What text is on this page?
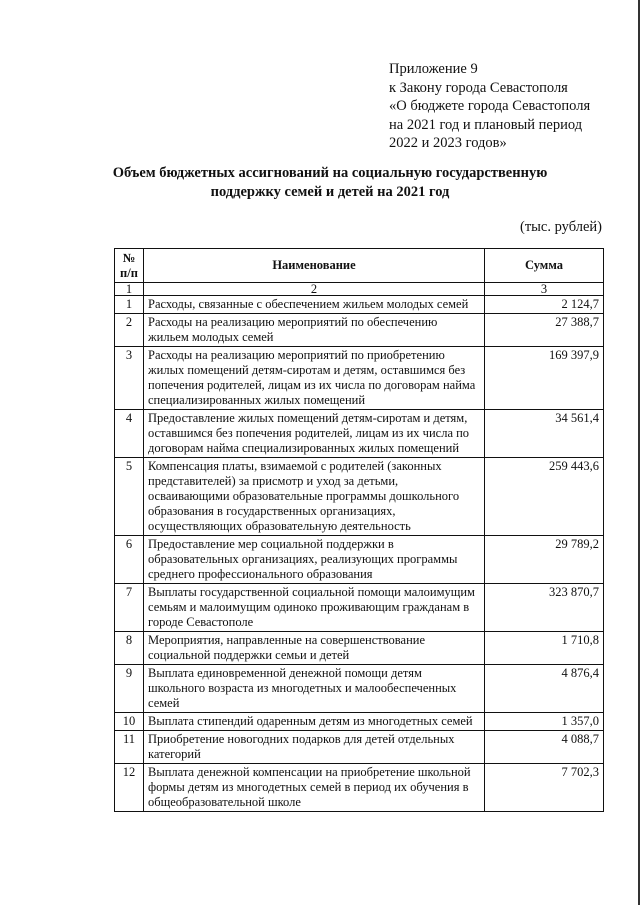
Приложение 9
к Закону города Севастополя
«О бюджете города Севастополя
на 2021 год и плановый период
2022 и 2023 годов»
Объем бюджетных ассигнований на социальную государственную
поддержку семей и детей на 2021 год
(тыс. рублей)
№ п/п	Наименование	Сумма
1	2	3
1	Расходы, связанные с обеспечением жильем молодых семей	2 124,7
2	Расходы на реализацию мероприятий по обеспечению жильем молодых семей	27 388,7
3	Расходы на реализацию мероприятий по приобретению жилых помещений детям-сиротам и детям, оставшимся без попечения родителей, лицам из их числа по договорам найма специализированных жилых помещений	169 397,9
4	Предоставление жилых помещений детям-сиротам и детям, оставшимся без попечения родителей, лицам из их числа по договорам найма специализированных жилых помещений	34 561,4
5	Компенсация платы, взимаемой с родителей (законных представителей) за присмотр и уход за детьми, осваивающими образовательные программы дошкольного образования в государственных организациях, осуществляющих образовательную деятельность	259 443,6
6	Предоставление мер социальной поддержки в образовательных организациях, реализующих программы среднего профессионального образования	29 789,2
7	Выплаты государственной социальной помощи малоимущим семьям и малоимущим одиноко проживающим гражданам в городе Севастополе	323 870,7
8	Мероприятия, направленные на совершенствование социальной поддержки семьи и детей	1 710,8
9	Выплата единовременной денежной помощи детям школьного возраста из многодетных и малообеспеченных семей	4 876,4
10	Выплата стипендий одаренным детям из многодетных семей	1 357,0
11	Приобретение новогодних подарков для детей отдельных категорий	4 088,7
12	Выплата денежной компенсации на приобретение школьной формы детям из многодетных семей в период их обучения в общеобразовательной школе	7 702,3
